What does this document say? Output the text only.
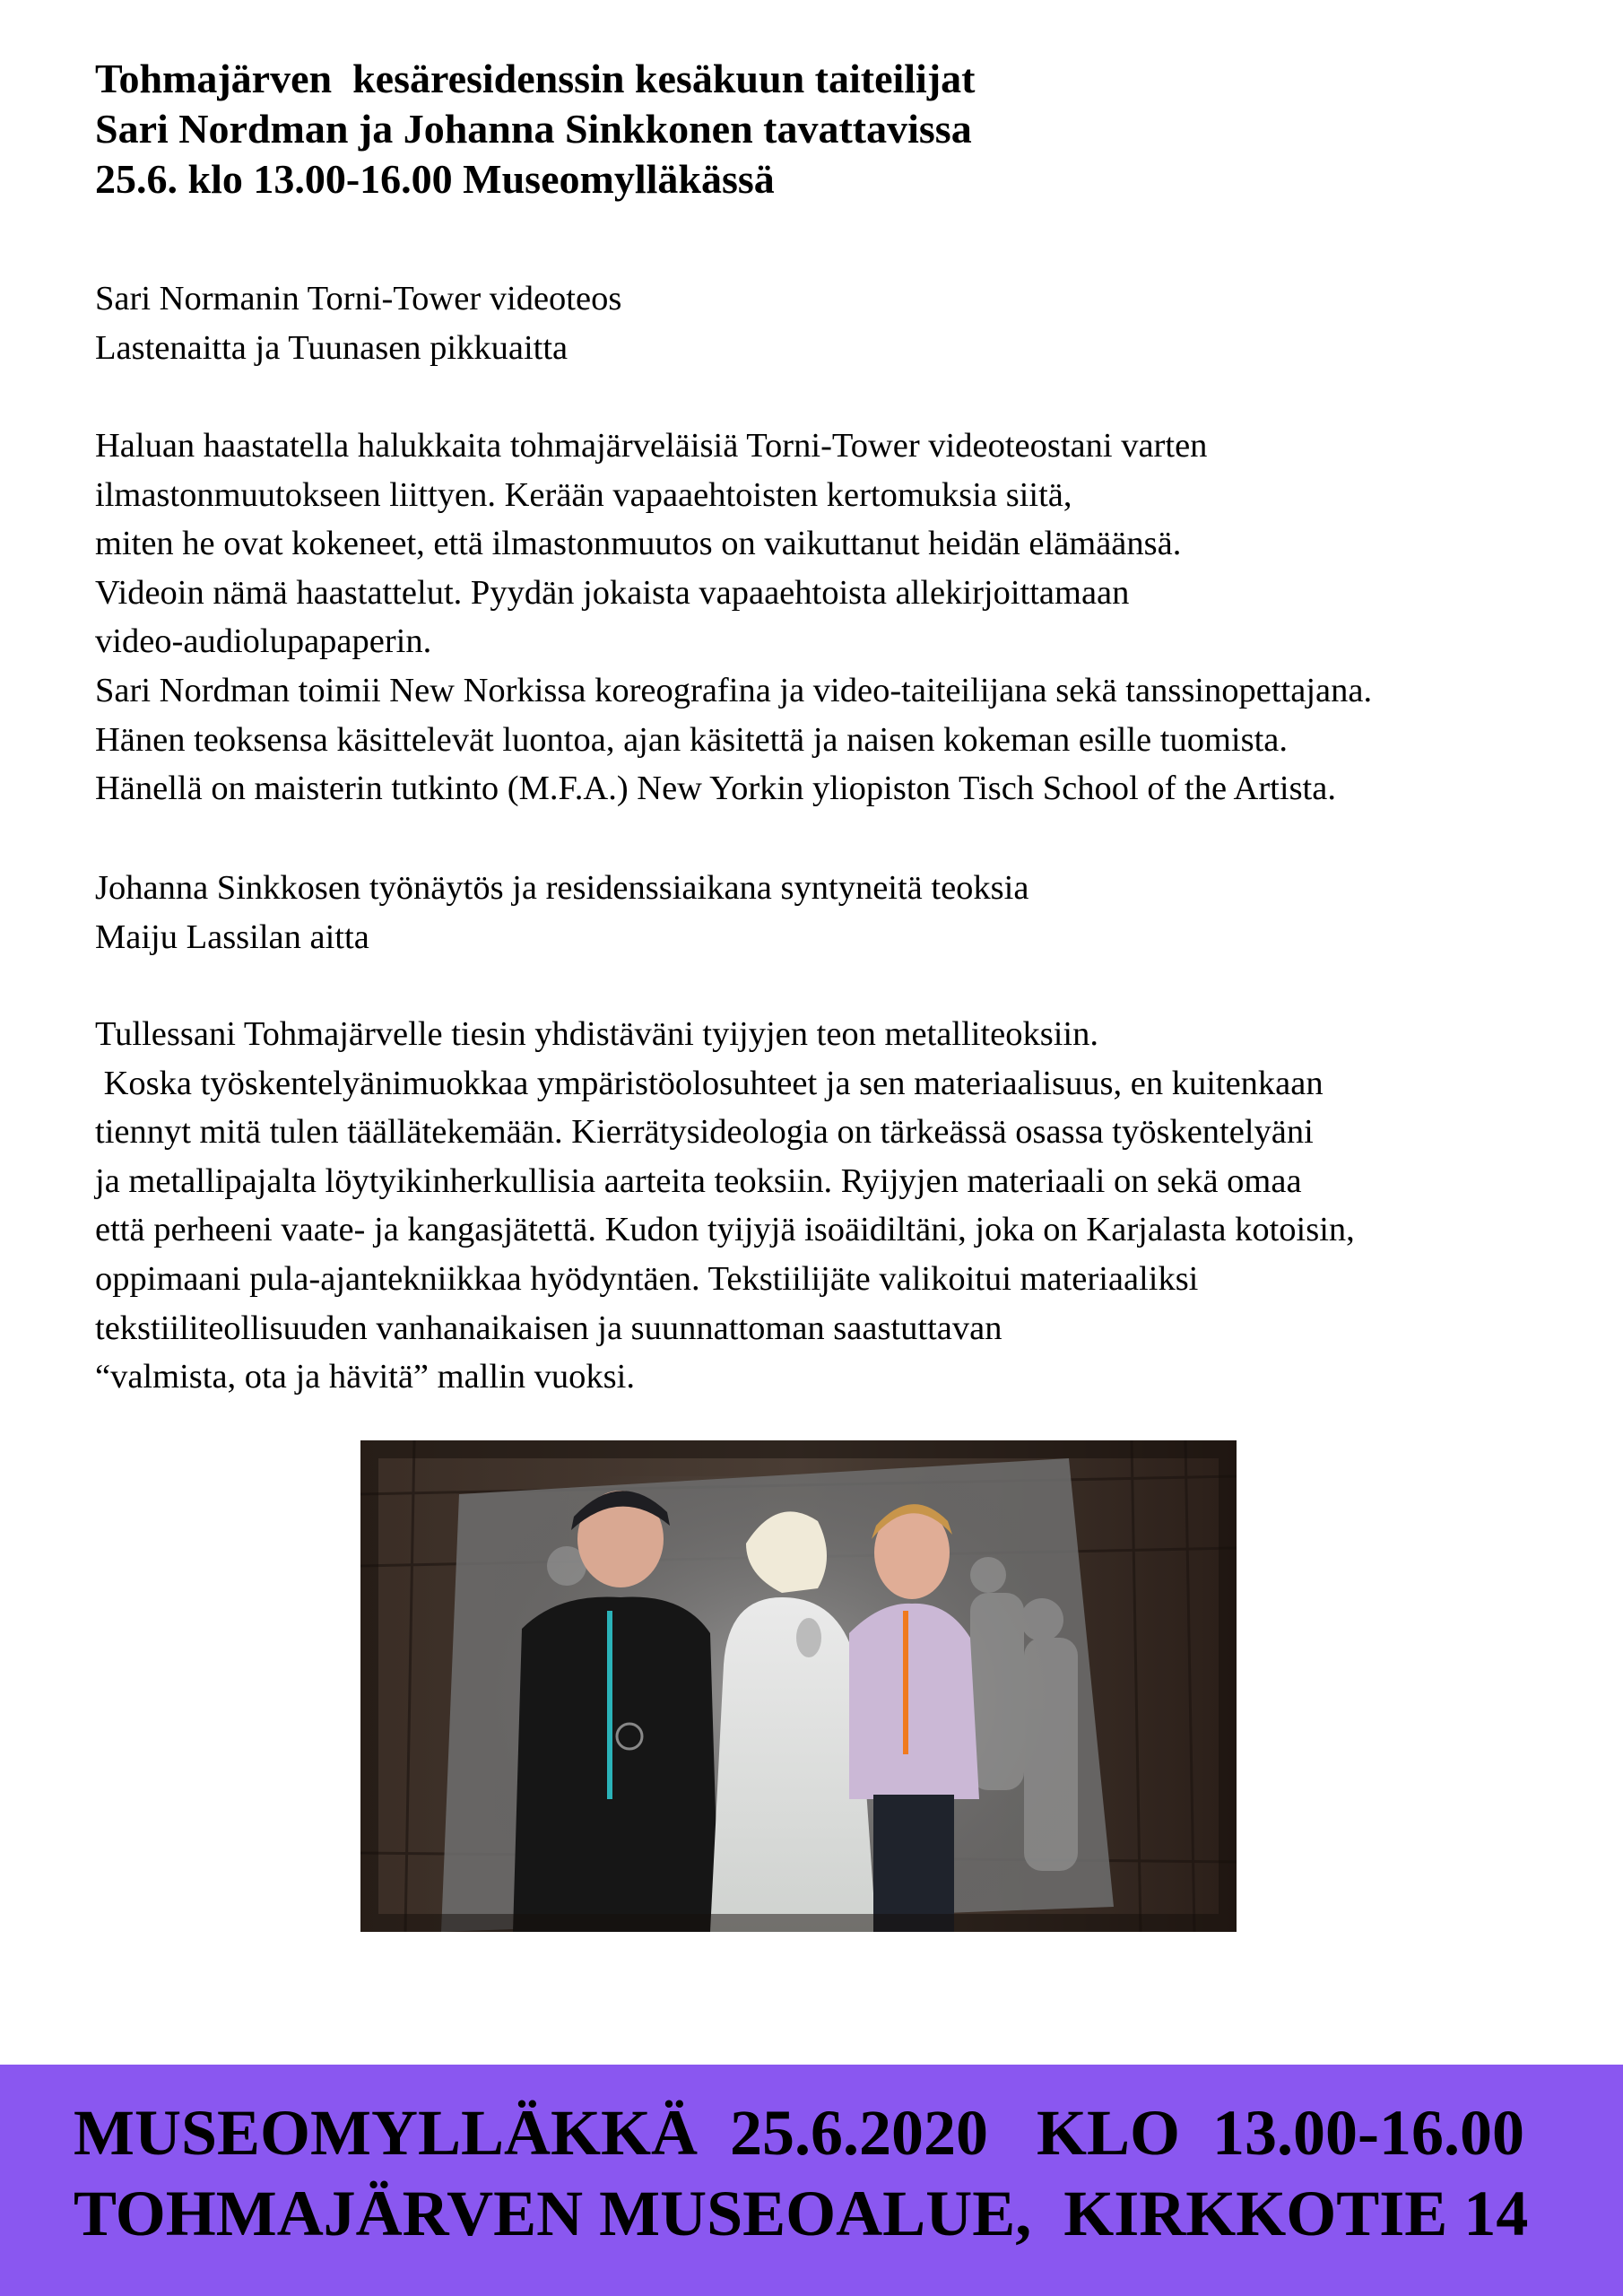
Tohmajärven  kesäresidenssin kesäkuun taiteilijat
Sari Nordman ja Johanna Sinkkonen tavattavissa
25.6. klo 13.00-16.00 Museomylläkässä
Sari Normanin Torni-Tower videoteos
Lastenaitta ja Tuunasen pikkuaitta
Haluan haastatella halukkaita tohmajärveläisiä Torni-Tower videoteostani varten
ilmastonmuutokseen liittyen. Kerään vapaaehtoisten kertomuksia siitä,
miten he ovat kokeneet, että ilmastonmuutos on vaikuttanut heidän elämäänsä.
Videoin nämä haastattelut. Pyydän jokaista vapaaehtoista allekirjoittamaan
video-audiolupapaperin.
Sari Nordman toimii New Norkissa koreografina ja video-taiteilijana sekä tanssinopettajana.
Hänen teoksensa käsittelevät luontoa, ajan käsitettä ja naisen kokeman esille tuomista.
Hänellä on maisterin tutkinto (M.F.A.) New Yorkin yliopiston Tisch School of the Artista.
Johanna Sinkkosen työnäytös ja residenssiaikana syntyneitä teoksia
Maiju Lassilan aitta
Tullessani Tohmajärvelle tiesin yhdistäväni tyijyjen teon metalliteoksiin.
Koska työskentelyänimuokkaa ympäristöolosuhteet ja sen materiaalisuus, en kuitenkaan
tiennyt mitä tulen täällätekemään. Kierrätysideologia on tärkeässä osassa työskentelyäni
ja metallipajalta löytyikinherkullisia aarteita teoksiin. Ryijyjen materiaali on sekä omaa
että perheeni vaate- ja kangasjätettä. Kudon tyijyjä isoäidiltäni, joka on Karjalasta kotoisin,
oppimaani pula-ajantekniikkaa hyödyntäen. Tekstiilijäte valikoitui materiaaliksi
tekstiiliteollisuuden vanhanaikaisen ja suunnattoman saastuttavan
“valmista, ota ja hävitä” mallin vuoksi.
MUSEOMYLLÄKKÄ  25.6.2020   KLO  13.00-16.00
TOHMAJÄRVEN MUSEOALUE,  KIRKKOTIE 14
